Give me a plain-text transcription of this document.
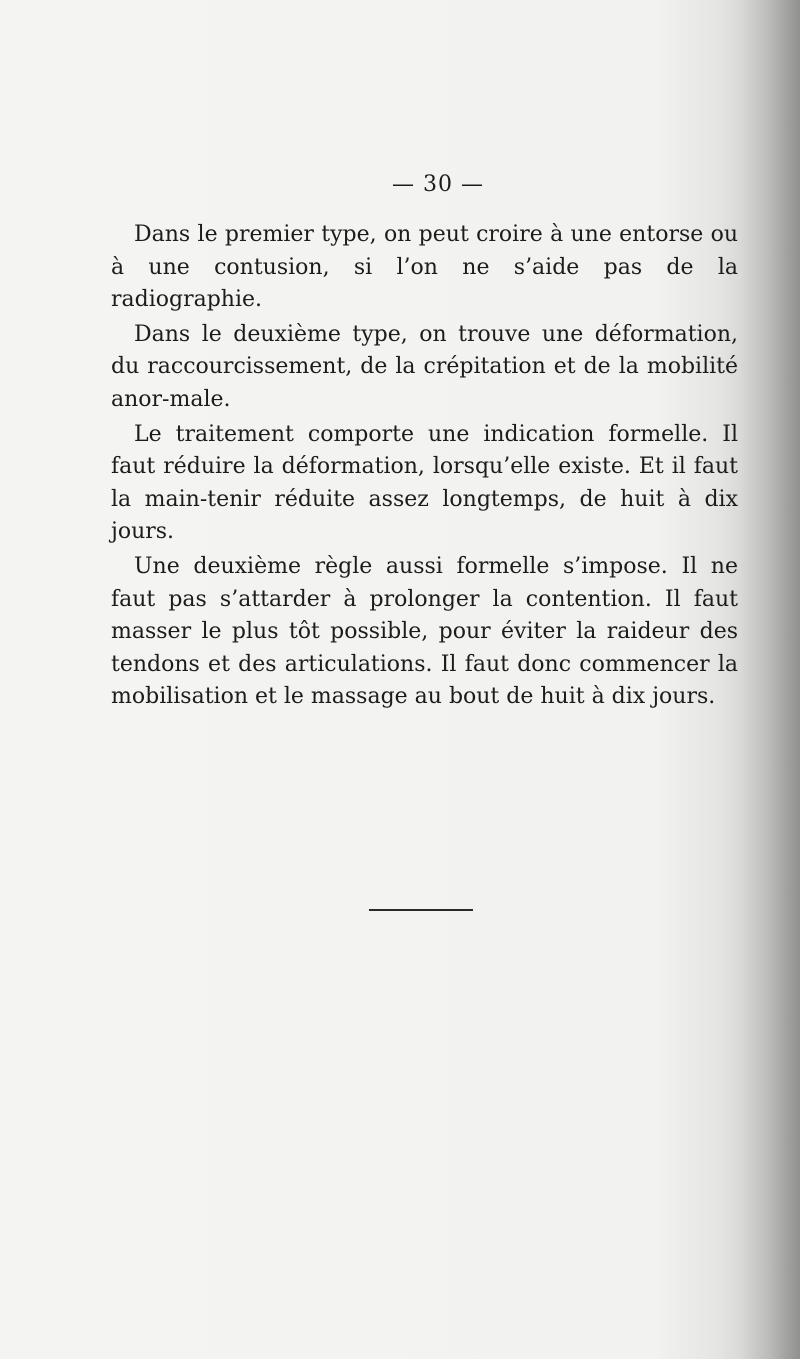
— 30 —

Dans le premier type, on peut croire à une entorse ou à une contusion, si l’on ne s’aide pas de la radiographie.

Dans le deuxième type, on trouve une déformation, du raccourcissement, de la crépitation et de la mobilité anor-male.

Le traitement comporte une indication formelle. Il faut réduire la déformation, lorsqu’elle existe. Et il faut la main-tenir réduite assez longtemps, de huit à dix jours.

Une deuxième règle aussi formelle s’impose. Il ne faut pas s’attarder à prolonger la contention. Il faut masser le plus tôt possible, pour éviter la raideur des tendons et des articulations. Il faut donc commencer la mobilisation et le massage au bout de huit à dix jours.
